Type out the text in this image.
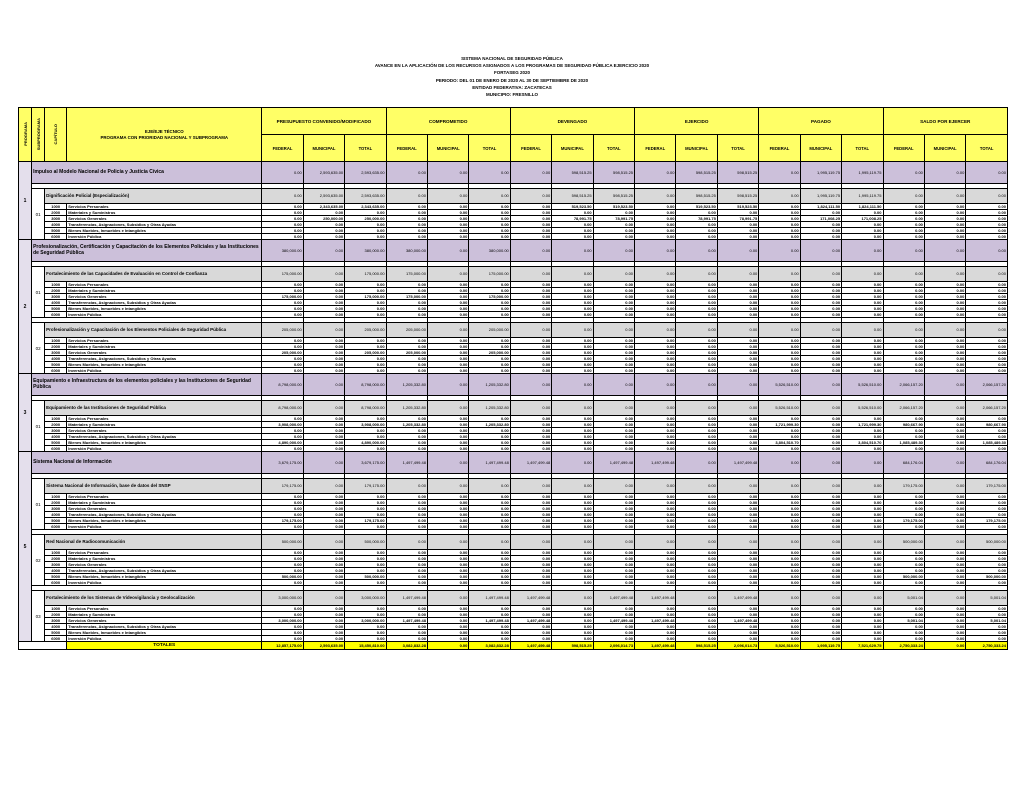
SISTEMA NACIONAL DE SEGURIDAD PÚBLICA
AVANCE EN LA APLICACIÓN DE LOS RECURSOS ASIGNADOS A LOS PROGRAMAS DE SEGURIDAD PÚBLICA EJERCICIO 2020
FORTASEG 2020
PERIODO: DEL 01 DE ENERO DE 2020 AL 30 DE SEPTIEMBRE DE 2020
ENTIDAD FEDERATIVA: ZACATECAS
MUNICIPIO: FRESNILLO
PROGRAMA	SUBPROGRAMA	CAPÍTULO	EJE/EJE TÉCNICO
PROGRAMA CON PRIORIDAD NACIONAL Y SUBPROGRAMA	PRESUPUESTO CONVENIDO/MODIFICADO			COMPROMETIDO			DEVENGADO			EJERCIDO			PAGADO			SALDO POR EJERCER		
				FEDERAL	MUNICIPAL	TOTAL	FEDERAL	MUNICIPAL	TOTAL	FEDERAL	MUNICIPAL	TOTAL	FEDERAL	MUNICIPAL	TOTAL	FEDERAL	MUNICIPAL	TOTAL	FEDERAL	MUNICIPAL	TOTAL
1	Impulso al Modelo Nacional de Policía y Justicia Cívica			0.00	2,593,635.00	2,593,635.00	0.00	0.00	0.00	0.00	598,515.25	598,515.25	0.00	598,515.25	598,515.25	0.00	1,995,119.75	1,995,119.75	0.00	0.00	0.00

	01	Dignificación Policial (Especialización)		0.00	2,593,635.00	2,593,635.00	0.00	0.00	0.00	0.00	598,515.25	598,515.25	0.00	598,515.25	598,515.25	0.00	1,995,119.75	1,995,119.75	0.00	0.00	0.00
		1000	Servicios Personales	0.00	2,343,635.00	2,343,635.00	0.00	0.00	0.00	0.00	519,523.50	519,523.50	0.00	519,523.50	519,523.50	0.00	1,824,111.50	1,824,111.50	0.00	0.00	0.00
		2000	Materiales y Suministros	0.00	0.00	0.00	0.00	0.00	0.00	0.00	0.00	0.00	0.00	0.00	0.00	0.00	0.00	0.00	0.00	0.00	0.00
		3000	Servicios Generales	0.00	250,000.00	250,000.00	0.00	0.00	0.00	0.00	78,991.75	78,991.75	0.00	78,991.75	78,991.75	0.00	171,008.25	171,008.25	0.00	0.00	0.00
		4000	Transferencias, Asignaciones, Subsidios y Otras Ayudas	0.00	0.00	0.00	0.00	0.00	0.00	0.00	0.00	0.00	0.00	0.00	0.00	0.00	0.00	0.00	0.00	0.00	0.00
		5000	Bienes Muebles, Inmuebles e Intangibles	0.00	0.00	0.00	0.00	0.00	0.00	0.00	0.00	0.00	0.00	0.00	0.00	0.00	0.00	0.00	0.00	0.00	0.00
		6000	Inversión Pública	0.00	0.00	0.00	0.00	0.00	0.00	0.00	0.00	0.00	0.00	0.00	0.00	0.00	0.00	0.00	0.00	0.00	0.00
2	Profesionalización, Certificación y Capacitación de los Elementos Policiales y las Instituciones de Seguridad Pública			380,000.00	0.00	380,000.00	380,000.00	0.00	380,000.00	0.00	0.00	0.00	0.00	0.00	0.00	0.00	0.00	0.00	0.00	0.00	0.00

	01	Fortalecimiento de las Capacidades de Evaluación en Control de Confianza		175,000.00	0.00	175,000.00	175,000.00	0.00	175,000.00	0.00	0.00	0.00	0.00	0.00	0.00	0.00	0.00	0.00	0.00	0.00	0.00
		1000	Servicios Personales	0.00	0.00	0.00	0.00	0.00	0.00	0.00	0.00	0.00	0.00	0.00	0.00	0.00	0.00	0.00	0.00	0.00	0.00
		2000	Materiales y Suministros	0.00	0.00	0.00	0.00	0.00	0.00	0.00	0.00	0.00	0.00	0.00	0.00	0.00	0.00	0.00	0.00	0.00	0.00
		3000	Servicios Generales	175,000.00	0.00	175,000.00	175,000.00	0.00	175,000.00	0.00	0.00	0.00	0.00	0.00	0.00	0.00	0.00	0.00	0.00	0.00	0.00
		4000	Transferencias, Asignaciones, Subsidios y Otras Ayudas	0.00	0.00	0.00	0.00	0.00	0.00	0.00	0.00	0.00	0.00	0.00	0.00	0.00	0.00	0.00	0.00	0.00	0.00
		5000	Bienes Muebles, Inmuebles e Intangibles	0.00	0.00	0.00	0.00	0.00	0.00	0.00	0.00	0.00	0.00	0.00	0.00	0.00	0.00	0.00	0.00	0.00	0.00
		6000	Inversión Pública	0.00	0.00	0.00	0.00	0.00	0.00	0.00	0.00	0.00	0.00	0.00	0.00	0.00	0.00	0.00	0.00	0.00	0.00

	02	Profesionalización y Capacitación de los Elementos Policiales de Seguridad Pública		205,000.00	0.00	205,000.00	205,000.00	0.00	205,000.00	0.00	0.00	0.00	0.00	0.00	0.00	0.00	0.00	0.00	0.00	0.00	0.00
		1000	Servicios Personales	0.00	0.00	0.00	0.00	0.00	0.00	0.00	0.00	0.00	0.00	0.00	0.00	0.00	0.00	0.00	0.00	0.00	0.00
		2000	Materiales y Suministros	0.00	0.00	0.00	0.00	0.00	0.00	0.00	0.00	0.00	0.00	0.00	0.00	0.00	0.00	0.00	0.00	0.00	0.00
		3000	Servicios Generales	205,000.00	0.00	205,000.00	205,000.00	0.00	205,000.00	0.00	0.00	0.00	0.00	0.00	0.00	0.00	0.00	0.00	0.00	0.00	0.00
		4000	Transferencias, Asignaciones, Subsidios y Otras Ayudas	0.00	0.00	0.00	0.00	0.00	0.00	0.00	0.00	0.00	0.00	0.00	0.00	0.00	0.00	0.00	0.00	0.00	0.00
		5000	Bienes Muebles, Inmuebles e Intangibles	0.00	0.00	0.00	0.00	0.00	0.00	0.00	0.00	0.00	0.00	0.00	0.00	0.00	0.00	0.00	0.00	0.00	0.00
		6000	Inversión Pública	0.00	0.00	0.00	0.00	0.00	0.00	0.00	0.00	0.00	0.00	0.00	0.00	0.00	0.00	0.00	0.00	0.00	0.00
3	Equipamiento e Infraestructura de los elementos policiales y las Instituciones de Seguridad Pública			8,798,000.00	0.00	8,798,000.00	1,205,332.80	0.00	1,205,332.80	0.00	0.00	0.00	0.00	0.00	0.00	5,526,510.00	0.00	5,526,510.00	2,066,157.20	0.00	2,066,157.20

	01	Equipamiento de las Instituciones de Seguridad Pública		8,798,000.00	0.00	8,798,000.00	1,205,332.80	0.00	1,205,332.80	0.00	0.00	0.00	0.00	0.00	0.00	5,526,510.00	0.00	5,526,510.00	2,066,157.20	0.00	2,066,157.20
		1000	Servicios Personales	0.00	0.00	0.00	0.00	0.00	0.00	0.00	0.00	0.00	0.00	0.00	0.00	0.00	0.00	0.00	0.00	0.00	0.00
		2000	Materiales y Suministros	3,908,000.00	0.00	3,908,000.00	1,205,332.80	0.00	1,205,332.80	0.00	0.00	0.00	0.00	0.00	0.00	1,721,999.30	0.00	1,721,999.30	980,667.90	0.00	980,667.90
		3000	Servicios Generales	0.00	0.00	0.00	0.00	0.00	0.00	0.00	0.00	0.00	0.00	0.00	0.00	0.00	0.00	0.00	0.00	0.00	0.00
		4000	Transferencias, Asignaciones, Subsidios y Otras Ayudas	0.00	0.00	0.00	0.00	0.00	0.00	0.00	0.00	0.00	0.00	0.00	0.00	0.00	0.00	0.00	0.00	0.00	0.00
		5000	Bienes Muebles, Inmuebles e Intangibles	4,890,000.00	0.00	4,890,000.00	0.00	0.00	0.00	0.00	0.00	0.00	0.00	0.00	0.00	3,804,510.70	0.00	3,804,510.70	1,085,489.30	0.00	1,085,489.30
		6000	Inversión Pública	0.00	0.00	0.00	0.00	0.00	0.00	0.00	0.00	0.00	0.00	0.00	0.00	0.00	0.00	0.00	0.00	0.00	0.00
5	Sistema Nacional de Información			3,679,175.00	0.00	3,679,175.00	1,497,499.48	0.00	1,497,499.48	1,497,499.48	0.00	1,497,499.48	1,497,499.48	0.00	1,497,499.48	0.00	0.00	0.00	684,176.04	0.00	684,176.04

	01	Sistema Nacional de Información, base de datos del SNSP		179,175.00	0.00	179,175.00	0.00	0.00	0.00	0.00	0.00	0.00	0.00	0.00	0.00	0.00	0.00	0.00	179,175.00	0.00	179,175.00
		1000	Servicios Personales	0.00	0.00	0.00	0.00	0.00	0.00	0.00	0.00	0.00	0.00	0.00	0.00	0.00	0.00	0.00	0.00	0.00	0.00
		2000	Materiales y Suministros	0.00	0.00	0.00	0.00	0.00	0.00	0.00	0.00	0.00	0.00	0.00	0.00	0.00	0.00	0.00	0.00	0.00	0.00
		3000	Servicios Generales	0.00	0.00	0.00	0.00	0.00	0.00	0.00	0.00	0.00	0.00	0.00	0.00	0.00	0.00	0.00	0.00	0.00	0.00
		4000	Transferencias, Asignaciones, Subsidios y Otras Ayudas	0.00	0.00	0.00	0.00	0.00	0.00	0.00	0.00	0.00	0.00	0.00	0.00	0.00	0.00	0.00	0.00	0.00	0.00
		5000	Bienes Muebles, Inmuebles e Intangibles	179,175.00	0.00	179,175.00	0.00	0.00	0.00	0.00	0.00	0.00	0.00	0.00	0.00	0.00	0.00	0.00	179,175.00	0.00	179,175.00
		6000	Inversión Pública	0.00	0.00	0.00	0.00	0.00	0.00	0.00	0.00	0.00	0.00	0.00	0.00	0.00	0.00	0.00	0.00	0.00	0.00

	02	Red Nacional de Radiocomunicación		500,000.00	0.00	500,000.00	0.00	0.00	0.00	0.00	0.00	0.00	0.00	0.00	0.00	0.00	0.00	0.00	500,000.00	0.00	500,000.00
		1000	Servicios Personales	0.00	0.00	0.00	0.00	0.00	0.00	0.00	0.00	0.00	0.00	0.00	0.00	0.00	0.00	0.00	0.00	0.00	0.00
		2000	Materiales y Suministros	0.00	0.00	0.00	0.00	0.00	0.00	0.00	0.00	0.00	0.00	0.00	0.00	0.00	0.00	0.00	0.00	0.00	0.00
		3000	Servicios Generales	0.00	0.00	0.00	0.00	0.00	0.00	0.00	0.00	0.00	0.00	0.00	0.00	0.00	0.00	0.00	0.00	0.00	0.00
		4000	Transferencias, Asignaciones, Subsidios y Otras Ayudas	0.00	0.00	0.00	0.00	0.00	0.00	0.00	0.00	0.00	0.00	0.00	0.00	0.00	0.00	0.00	0.00	0.00	0.00
		5000	Bienes Muebles, Inmuebles e Intangibles	500,000.00	0.00	500,000.00	0.00	0.00	0.00	0.00	0.00	0.00	0.00	0.00	0.00	0.00	0.00	0.00	500,000.00	0.00	500,000.00
		6000	Inversión Pública	0.00	0.00	0.00	0.00	0.00	0.00	0.00	0.00	0.00	0.00	0.00	0.00	0.00	0.00	0.00	0.00	0.00	0.00

	03	Fortalecimiento de los Sistemas de Videovigilancia y Geolocalización		3,000,000.00	0.00	3,000,000.00	1,497,499.48	0.00	1,497,499.48	1,497,499.48	0.00	1,497,499.48	1,497,499.48	0.00	1,497,499.48	0.00	0.00	0.00	5,001.04	0.00	5,001.04
		1000	Servicios Personales	0.00	0.00	0.00	0.00	0.00	0.00	0.00	0.00	0.00	0.00	0.00	0.00	0.00	0.00	0.00	0.00	0.00	0.00
		2000	Materiales y Suministros	0.00	0.00	0.00	0.00	0.00	0.00	0.00	0.00	0.00	0.00	0.00	0.00	0.00	0.00	0.00	0.00	0.00	0.00
		3000	Servicios Generales	3,000,000.00	0.00	3,000,000.00	1,497,499.48	0.00	1,497,499.48	1,497,499.48	0.00	1,497,499.48	1,497,499.48	0.00	1,497,499.48	0.00	0.00	0.00	5,001.04	0.00	5,001.04
		4000	Transferencias, Asignaciones, Subsidios y Otras Ayudas	0.00	0.00	0.00	0.00	0.00	0.00	0.00	0.00	0.00	0.00	0.00	0.00	0.00	0.00	0.00	0.00	0.00	0.00
		5000	Bienes Muebles, Inmuebles e Intangibles	0.00	0.00	0.00	0.00	0.00	0.00	0.00	0.00	0.00	0.00	0.00	0.00	0.00	0.00	0.00	0.00	0.00	0.00
		6000	Inversión Pública	0.00	0.00	0.00	0.00	0.00	0.00	0.00	0.00	0.00	0.00	0.00	0.00	0.00	0.00	0.00	0.00	0.00	0.00
			TOTALES	12,857,175.00	2,593,635.00	15,450,810.00	3,082,832.28	0.00	3,082,832.28	1,497,499.48	598,515.25	2,096,014.73	1,497,499.48	598,515.25	2,096,014.73	5,526,510.00	1,995,119.75	7,521,629.75	2,750,333.24	0.00	2,750,333.24
